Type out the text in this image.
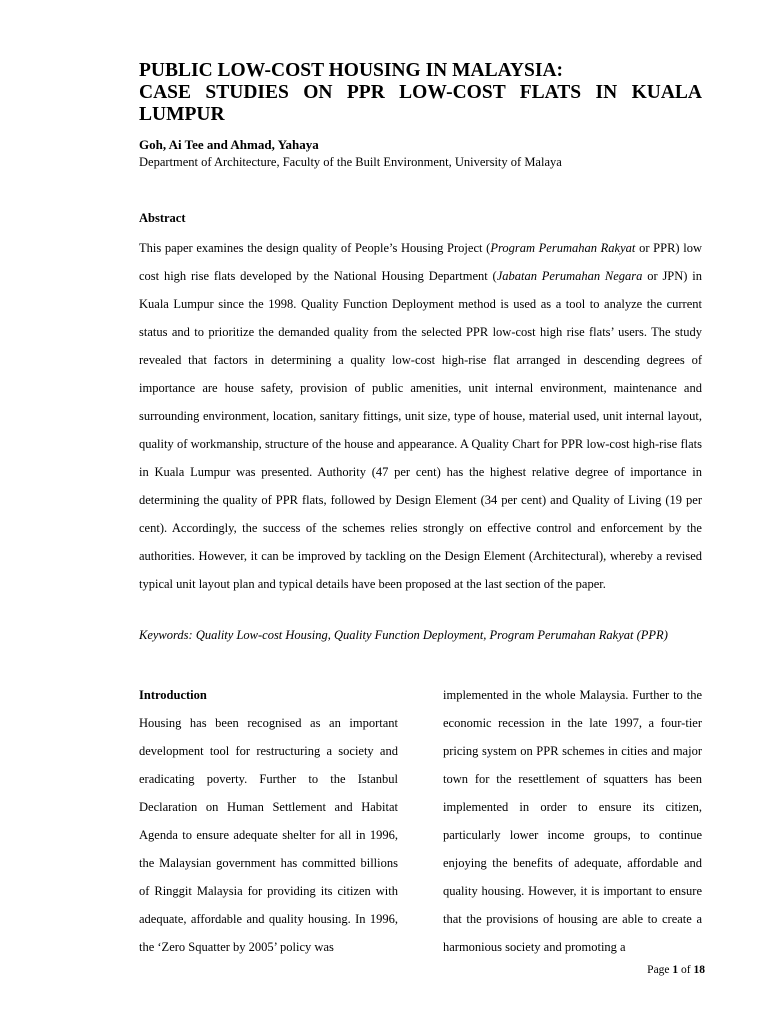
PUBLIC LOW-COST HOUSING IN MALAYSIA:
CASE STUDIES ON PPR LOW-COST FLATS IN KUALA
LUMPUR
Goh, Ai Tee and Ahmad, Yahaya
Department of Architecture, Faculty of the Built Environment, University of Malaya
Abstract

This paper examines the design quality of People’s Housing Project (Program Perumahan Rakyat or PPR) low cost high rise flats developed by the National Housing Department (Jabatan Perumahan Negara or JPN) in Kuala Lumpur since the 1998. Quality Function Deployment method is used as a tool to analyze the current status and to prioritize the demanded quality from the selected PPR low-cost high rise flats’ users. The study revealed that factors in determining a quality low-cost high-rise flat arranged in descending degrees of importance are house safety, provision of public amenities, unit internal environment, maintenance and surrounding environment, location, sanitary fittings, unit size, type of house, material used, unit internal layout, quality of workmanship, structure of the house and appearance. A Quality Chart for PPR low-cost high-rise flats in Kuala Lumpur was presented. Authority (47 per cent) has the highest relative degree of importance in determining the quality of PPR flats, followed by Design Element (34 per cent) and Quality of Living (19 per cent). Accordingly, the success of the schemes relies strongly on effective control and enforcement by the authorities. However, it can be improved by tackling on the Design Element (Architectural), whereby a revised typical unit layout plan and typical details have been proposed at the last section of the paper.

Keywords: Quality Low-cost Housing, Quality Function Deployment, Program Perumahan Rakyat (PPR)
Introduction

Housing has been recognised as an important development tool for restructuring a society and eradicating poverty. Further to the Istanbul Declaration on Human Settlement and Habitat Agenda to ensure adequate shelter for all in 1996, the Malaysian government has committed billions of Ringgit Malaysia for providing its citizen with adequate, affordable and quality housing. In 1996, the ‘Zero Squatter by 2005’ policy was

implemented in the whole Malaysia. Further to the economic recession in the late 1997, a four-tier pricing system on PPR schemes in cities and major town for the resettlement of squatters has been implemented in order to ensure its citizen, particularly lower income groups, to continue enjoying the benefits of adequate, affordable and quality housing. However, it is important to ensure that the provisions of housing are able to create a harmonious society and promoting a

Page 1 of 18
